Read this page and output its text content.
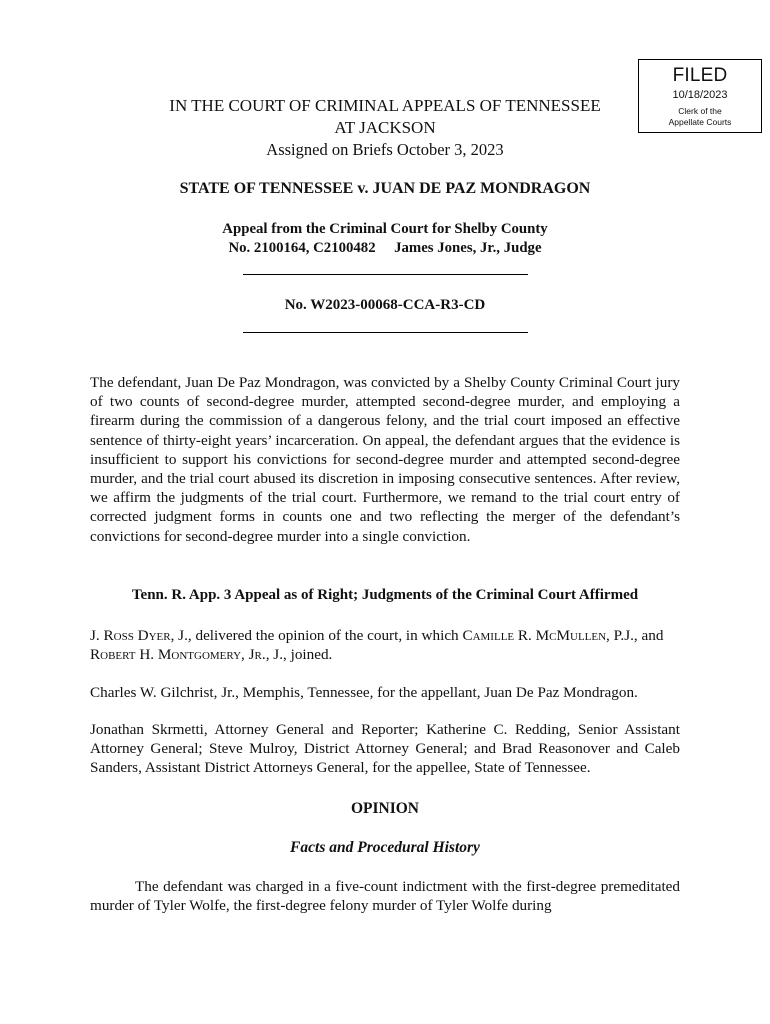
FILED
10/18/2023
Clerk of the
Appellate Courts
IN THE COURT OF CRIMINAL APPEALS OF TENNESSEE
AT JACKSON
Assigned on Briefs October 3, 2023
STATE OF TENNESSEE v. JUAN DE PAZ MONDRAGON
Appeal from the Criminal Court for Shelby County
No. 2100164, C2100482     James Jones, Jr., Judge
No. W2023-00068-CCA-R3-CD
The defendant, Juan De Paz Mondragon, was convicted by a Shelby County Criminal Court jury of two counts of second-degree murder, attempted second-degree murder, and employing a firearm during the commission of a dangerous felony, and the trial court imposed an effective sentence of thirty-eight years’ incarceration. On appeal, the defendant argues that the evidence is insufficient to support his convictions for second-degree murder and attempted second-degree murder, and the trial court abused its discretion in imposing consecutive sentences. After review, we affirm the judgments of the trial court. Furthermore, we remand to the trial court entry of corrected judgment forms in counts one and two reflecting the merger of the defendant’s convictions for second-degree murder into a single conviction.
Tenn. R. App. 3 Appeal as of Right; Judgments of the Criminal Court Affirmed
J. Ross Dyer, J., delivered the opinion of the court, in which Camille R. McMullen, P.J., and Robert H. Montgomery, Jr., J., joined.
Charles W. Gilchrist, Jr., Memphis, Tennessee, for the appellant, Juan De Paz Mondragon.
Jonathan Skrmetti, Attorney General and Reporter; Katherine C. Redding, Senior Assistant Attorney General; Steve Mulroy, District Attorney General; and Brad Reasonover and Caleb Sanders, Assistant District Attorneys General, for the appellee, State of Tennessee.
OPINION
Facts and Procedural History
The defendant was charged in a five-count indictment with the first-degree premeditated murder of Tyler Wolfe, the first-degree felony murder of Tyler Wolfe during
